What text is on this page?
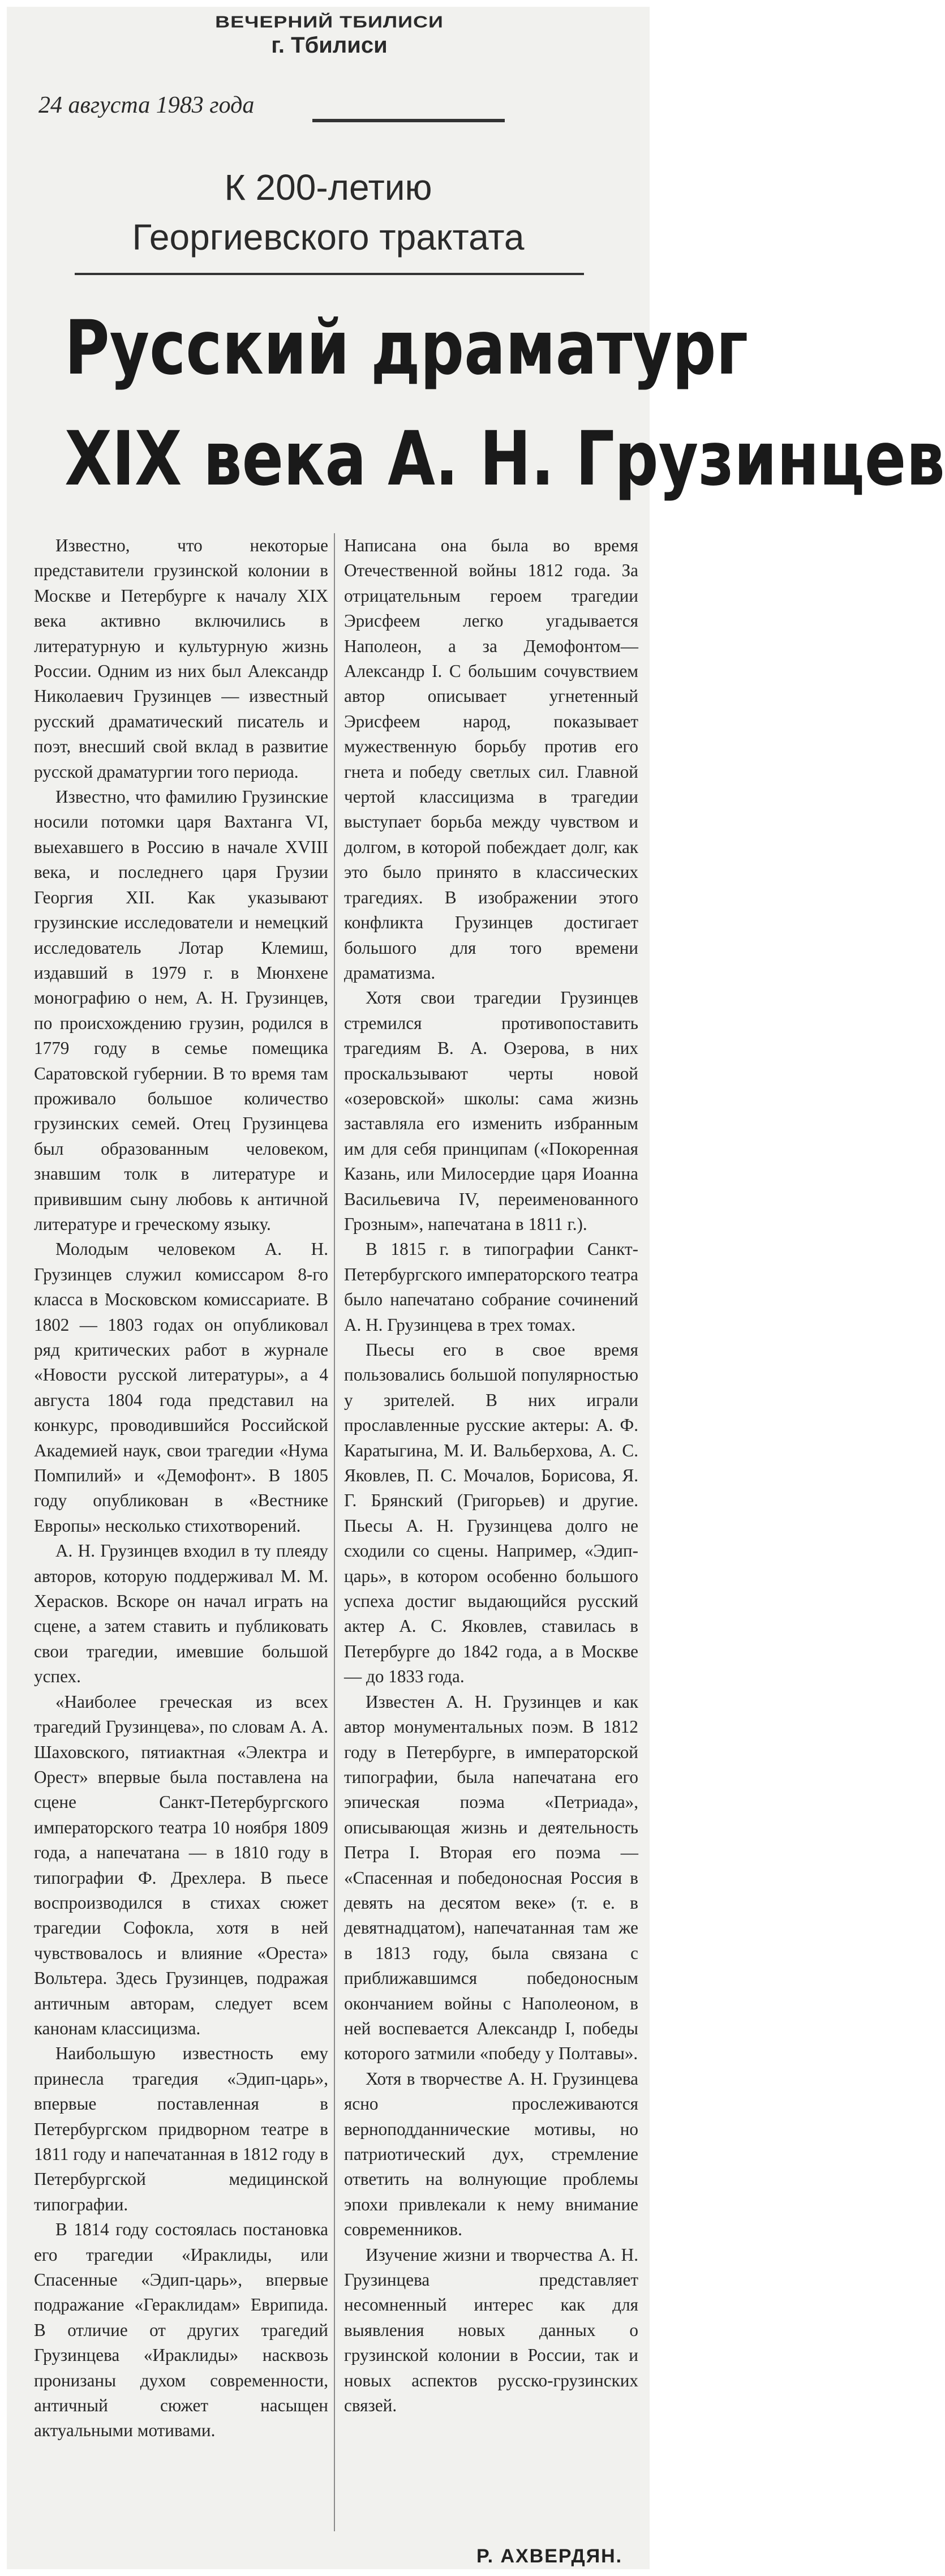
ВЕЧЕРНИЙ ТБИЛИСИ
г. Тбилиси
24 августа 1983 года
К 200-летию
Георгиевского трактата
Русский драматург
XIX века А. Н. Грузинцев

Известно, что некоторые представители грузинской колонии в Москве и Петербурге к началу XIX века активно включились в литературную и культурную жизнь России. Одним из них был Александр Николаевич Грузинцев — известный русский драматический писатель и поэт, внесший свой вклад в развитие русской драматургии того периода.

Известно, что фамилию Грузинские носили потомки царя Вахтанга VI, выехавшего в Россию в начале XVIII века, и последнего царя Грузии Георгия XII. Как указывают грузинские исследователи и немецкий исследователь Лотар Клемиш, издавший в 1979 г. в Мюнхене монографию о нем, А. Н. Грузинцев, по происхождению грузин, родился в 1779 году в семье помещика Саратовской губернии. В то время там проживало большое количество грузинских семей. Отец Грузинцева был образованным человеком, знавшим толк в литературе и привившим сыну любовь к античной литературе и греческому языку.

Молодым человеком А. Н. Грузинцев служил комиссаром 8-го класса в Московском комиссариате. В 1802 — 1803 годах он опубликовал ряд критических работ в журнале «Новости русской литературы», а 4 августа 1804 года представил на конкурс, проводившийся Российской Академией наук, свои трагедии «Нума Помпилий» и «Демофонт». В 1805 году опубликован в «Вестнике Европы» несколько стихотворений.

А. Н. Грузинцев входил в ту плеяду авторов, которую поддерживал М. М. Херасков. Вскоре он начал играть на сцене, а затем ставить и публиковать свои трагедии, имевшие большой успех.

«Наиболее греческая из всех трагедий Грузинцева», по словам А. А. Шаховского, пятиактная «Электра и Орест» впервые была поставлена на сцене Санкт-Петербургского императорского театра 10 ноября 1809 года, а напечатана — в 1810 году в типографии Ф. Дрехлера. В пьесе воспроизводился в стихах сюжет трагедии Софокла, хотя в ней чувствовалось и влияние «Ореста» Вольтера. Здесь Грузинцев, подражая античным авторам, следует всем канонам классицизма.

Наибольшую известность ему принесла трагедия «Эдип-царь», впервые поставленная в Петербургском придворном театре в 1811 году и напечатанная в 1812 году в Петербургской медицинской типографии.

В 1814 году состоялась постановка его трагедии «Ираклиды, или Спасенные «Эдип-царь», впервые подражание «Гераклидам» Еврипида. В отличие от других трагедий Грузинцева «Ираклиды» насквозь пронизаны духом современности, античный сюжет насыщен актуальными мотивами.

Написана она была во время Отечественной войны 1812 года. За отрицательным героем трагедии Эрисфеем легко угадывается Наполеон, а за Демофонтом—Александр I. С большим сочувствием автор описывает угнетенный Эрисфеем народ, показывает мужественную борьбу против его гнета и победу светлых сил. Главной чертой классицизма в трагедии выступает борьба между чувством и долгом, в которой побеждает долг, как это было принято в классических трагедиях. В изображении этого конфликта Грузинцев достигает большого для того времени драматизма.

Хотя свои трагедии Грузинцев стремился противопоставить трагедиям В. А. Озерова, в них проскальзывают черты новой «озеровской» школы: сама жизнь заставляла его изменить избранным им для себя принципам («Покоренная Казань, или Милосердие царя Иоанна Васильевича IV, переименованного Грозным», напечатана в 1811 г.).

В 1815 г. в типографии Санкт-Петербургского императорского театра было напечатано собрание сочинений А. Н. Грузинцева в трех томах.

Пьесы его в свое время пользовались большой популярностью у зрителей. В них играли прославленные русские актеры: А. Ф. Каратыгина, М. И. Вальберхова, А. С. Яковлев, П. С. Мочалов, Борисова, Я. Г. Брянский (Григорьев) и другие. Пьесы А. Н. Грузинцева долго не сходили со сцены. Например, «Эдип-царь», в котором особенно большого успеха достиг выдающийся русский актер А. С. Яковлев, ставилась в Петербурге до 1842 года, а в Москве — до 1833 года.

Известен А. Н. Грузинцев и как автор монументальных поэм. В 1812 году в Петербурге, в императорской типографии, была напечатана его эпическая поэма «Петриада», описывающая жизнь и деятельность Петра I. Вторая его поэма — «Спасенная и победоносная Россия в девять на десятом веке» (т. е. в девятнадцатом), напечатанная там же в 1813 году, была связана с приближавшимся победоносным окончанием войны с Наполеоном, в ней воспевается Александр I, победы которого затмили «победу у Полтавы».

Хотя в творчестве А. Н. Грузинцева ясно прослеживаются верноподданнические мотивы, но патриотический дух, стремление ответить на волнующие проблемы эпохи привлекали к нему внимание современников.

Изучение жизни и творчества А. Н. Грузинцева представляет несомненный интерес как для выявления новых данных о грузинской колонии в России, так и новых аспектов русско-грузинских связей.

Р. АХВЕРДЯН.
